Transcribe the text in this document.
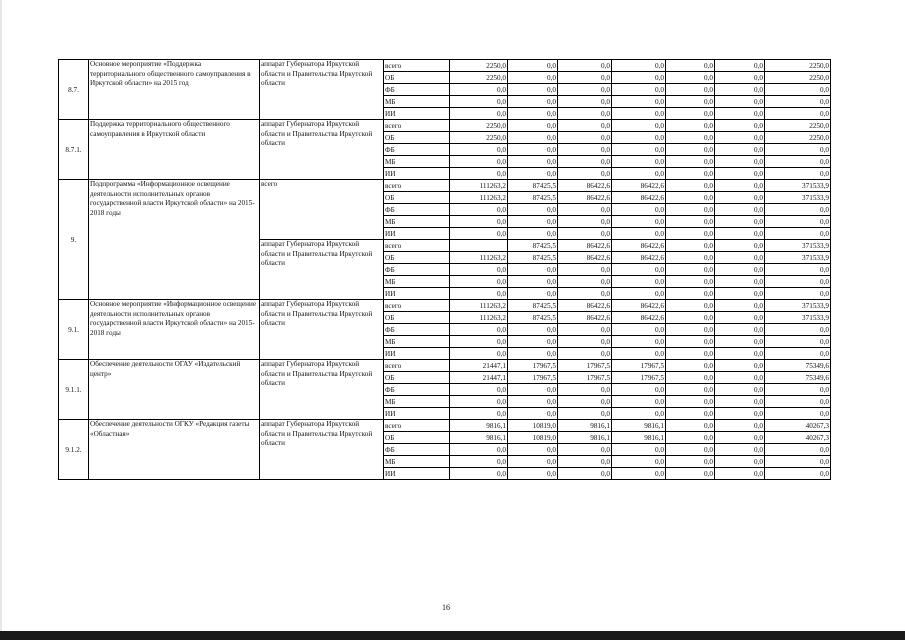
8.7.	Основное мероприятие «Поддержка территориального общественного самоуправления в Иркутской области» на 2015 год	аппарат Губернатора Иркутской области и Правительства Иркутской области	всего	2250,0	0,0	0,0	0,0	0,0	0,0	2250,0
			ОБ	2250,0	0,0	0,0	0,0	0,0	0,0	2250,0
			ФБ	0,0	0,0	0,0	0,0	0,0	0,0	0,0
			МБ	0,0	0,0	0,0	0,0	0,0	0,0	0,0
			ИИ	0,0	0,0	0,0	0,0	0,0	0,0	0,0
8.7.1.	Поддержка территориального общественного самоуправления в Иркутской области	аппарат Губернатора Иркутской области и Правительства Иркутской области	всего	2250,0	0,0	0,0	0,0	0,0	0,0	2250,0
			ОБ	2250,0	0,0	0,0	0,0	0,0	0,0	2250,0
			ФБ	0,0	0,0	0,0	0,0	0,0	0,0	0,0
			МБ	0,0	0,0	0,0	0,0	0,0	0,0	0,0
			ИИ	0,0	0,0	0,0	0,0	0,0	0,0	0,0
9.	Подпрограмма «Информационное освещение деятельности исполнительных органов государственной власти Иркутской области» на 2015-2018 годы	всего	всего	111263,2	87425,5	86422,6	86422,6	0,0	0,0	371533,9
			ОБ	111263,2	87425,5	86422,6	86422,6	0,0	0,0	371533,9
			ФБ	0,0	0,0	0,0	0,0	0,0	0,0	0,0
			МБ	0,0	0,0	0,0	0,0	0,0	0,0	0,0
			ИИ	0,0	0,0	0,0	0,0	0,0	0,0	0,0
		аппарат Губернатора Иркутской области и Правительства Иркутской области	всего		87425,5	86422,6	86422,6	0,0	0,0	371533,9
			ОБ	111263,2	87425,5	86422,6	86422,6	0,0	0,0	371533,9
			ФБ	0,0	0,0	0,0	0,0	0,0	0,0	0,0
			МБ	0,0	0,0	0,0	0,0	0,0	0,0	0,0
			ИИ	0,0	0,0	0,0	0,0	0,0	0,0	0,0
9.1.	Основное мероприятие «Информационное освещение деятельности исполнительных органов государственной власти Иркутской области» на 2015-2018 годы	аппарат Губернатора Иркутской области и Правительства Иркутской области	всего	111263,2	87425,5	86422,6	86422,6	0,0	0,0	371533,9
			ОБ	111263,2	87425,5	86422,6	86422,6	0,0	0,0	371533,9
			ФБ	0,0	0,0	0,0	0,0	0,0	0,0	0,0
			МБ	0,0	0,0	0,0	0,0	0,0	0,0	0,0
			ИИ	0,0	0,0	0,0	0,0	0,0	0,0	0,0
9.1.1.	Обеспечение деятельности ОГАУ «Издательский центр»	аппарат Губернатора Иркутской области и Правительства Иркутской области	всего	21447,1	17967,5	17967,5	17967,5	0,0	0,0	75349,6
			ОБ	21447,1	17967,5	17967,5	17967,5	0,0	0,0	75349,6
			ФБ	0,0	0,0	0,0	0,0	0,0	0,0	0,0
			МБ	0,0	0,0	0,0	0,0	0,0	0,0	0,0
			ИИ	0,0	0,0	0,0	0,0	0,0	0,0	0,0
9.1.2.	Обеспечение деятельности ОГКУ «Редакция газеты «Областная»	аппарат Губернатора Иркутской области и Правительства Иркутской области	всего	9816,1	10819,0	9816,1	9816,1	0,0	0,0	40267,3
			ОБ	9816,1	10819,0	9816,1	9816,1	0,0	0,0	40267,3
			ФБ	0,0	0,0	0,0	0,0	0,0	0,0	0,0
			МБ	0,0	0,0	0,0	0,0	0,0	0,0	0,0
			ИИ	0,0	0,0	0,0	0,0	0,0	0,0	0,0
16
